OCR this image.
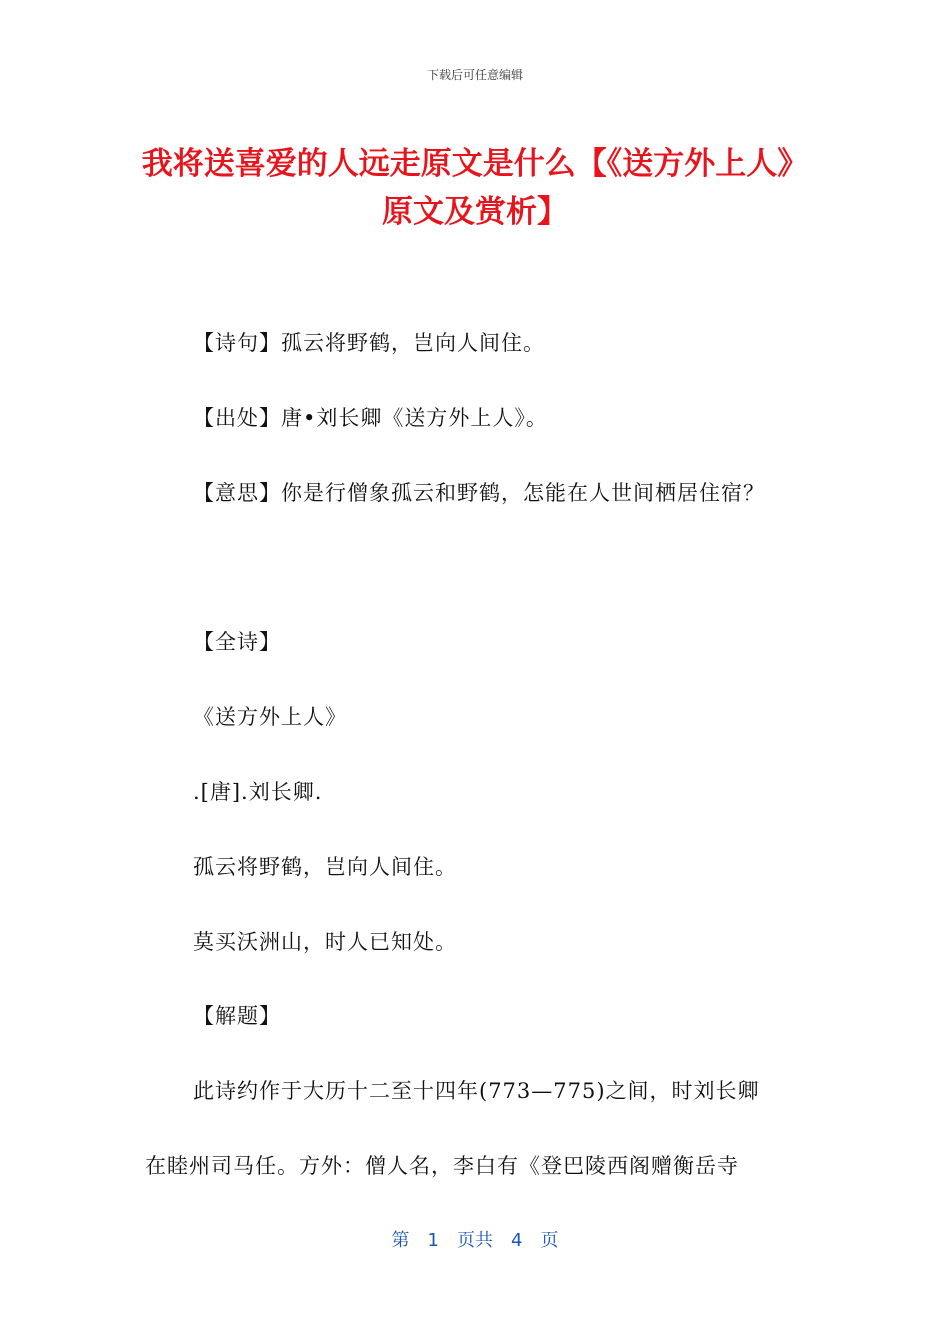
下载后可任意编辑
我将送喜爱的人远走原文是什么【《送方外上人》原文及赏析】
【诗句】孤云将野鹤，岂向人间住。
【出处】唐•刘长卿《送方外上人》。
【意思】你是行僧象孤云和野鹤，怎能在人世间栖居住宿？
【全诗】
《送方外上人》
.[唐].刘长卿.
孤云将野鹤，岂向人间住。
莫买沃洲山，时人已知处。
【解题】
此诗约作于大历十二至十四年(773—775)之间，时刘长卿
在睦州司马任。方外：僧人名，李白有《登巴陵西阁赠衡岳寺
第 1 页共 4 页
